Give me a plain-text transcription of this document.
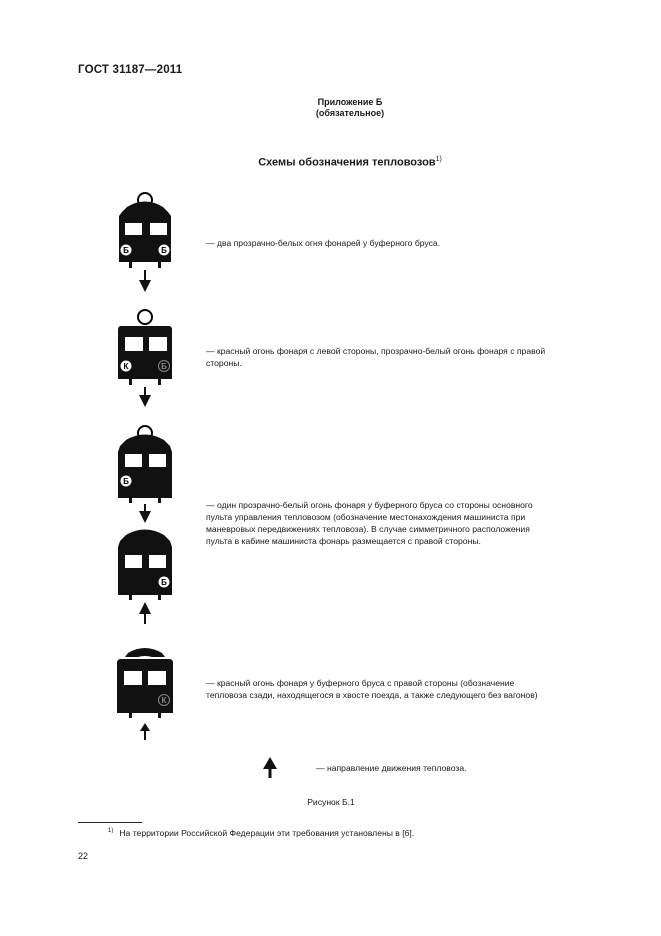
ГОСТ 31187—2011
Приложение Б
(обязательное)
Схемы обозначения тепловозов$^{1)}$
Б	Б
— два прозрачно-белых огня фонарей у буферного бруса.
К	Б
— красный огонь фонаря с левой стороны, прозрачно-белый огонь фонаря с правой
стороны.
Б
Б
— один прозрачно-белый огонь фонаря у буферного бруса со стороны основного
пульта управления тепловозом (обозначение местонахождения машиниста при
маневровых передвижениях тепловоза). В случае симметричного расположения
пульта в кабине машиниста фонарь размещается с правой стороны.
К
— красный огонь фонаря у буферного бруса с правой стороны (обозначение
тепловоза сзади, находящегося в хвосте поезда, а также следующего без вагонов)
— направление движения тепловоза.
Рисунок Б.1
$^{1)}$ На территории Российской Федерации эти требования установлены в [6].
22
